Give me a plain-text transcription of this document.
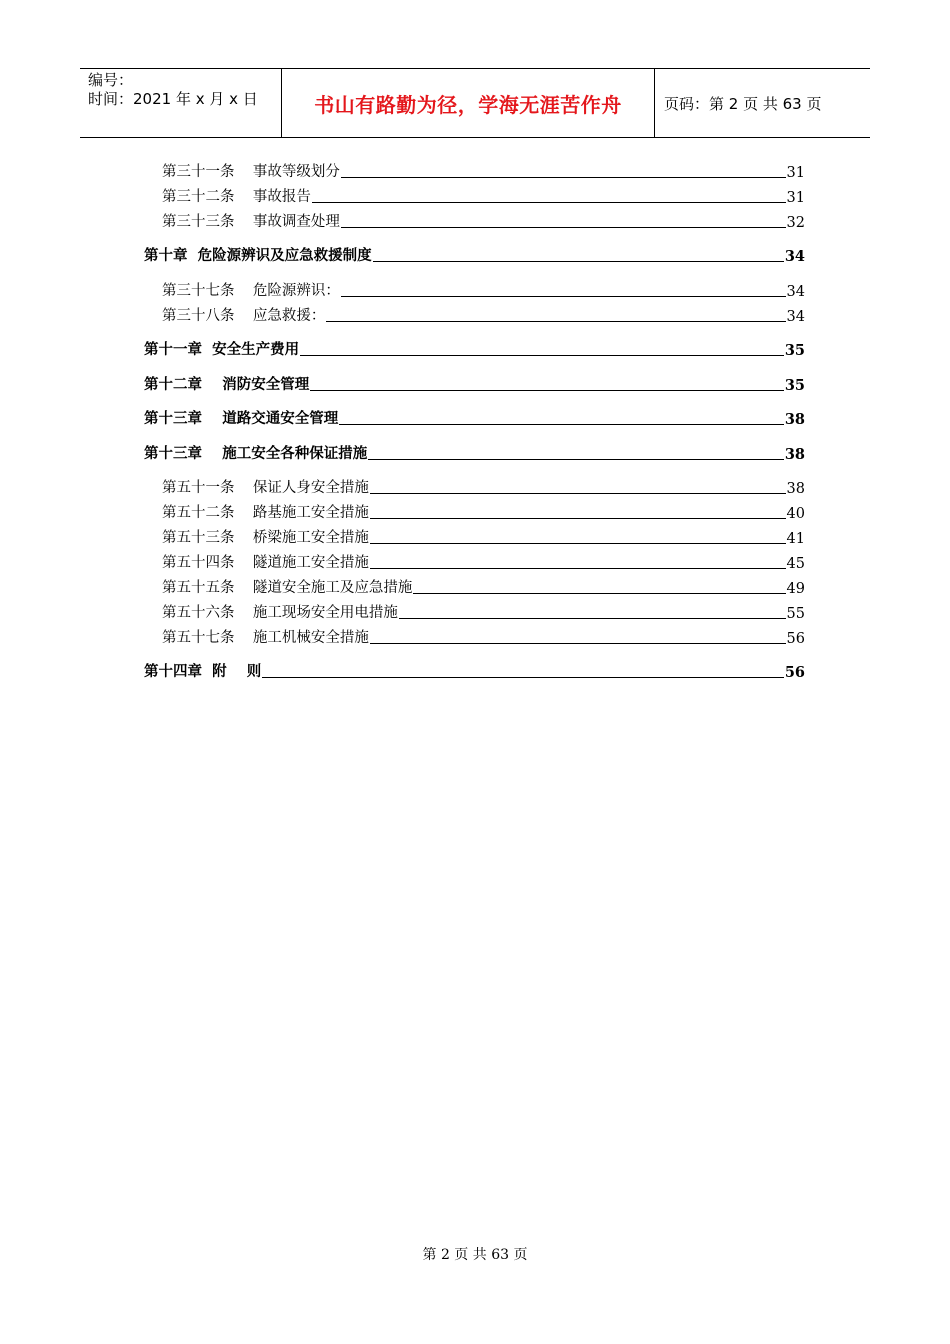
编号：
时间：2021 年 x 月 x 日	书山有路勤为径，学海无涯苦作舟	页码：第 2 页 共 63 页
第三十一条    事故等级划分	31
第三十二条    事故报告	31
第三十三条    事故调查处理	32
第十章  危险源辨识及应急救援制度	34
第三十七条    危险源辨识：	34
第三十八条    应急救援：	34
第十一章  安全生产费用	35
第十二章    消防安全管理	35
第十三章    道路交通安全管理	38
第十三章    施工安全各种保证措施	38
第五十一条    保证人身安全措施	38
第五十二条    路基施工安全措施	40
第五十三条    桥梁施工安全措施	41
第五十四条    隧道施工安全措施	45
第五十五条    隧道安全施工及应急措施	49
第五十六条    施工现场安全用电措施	55
第五十七条    施工机械安全措施	56
第十四章  附    则	56
第 2 页 共 63 页
